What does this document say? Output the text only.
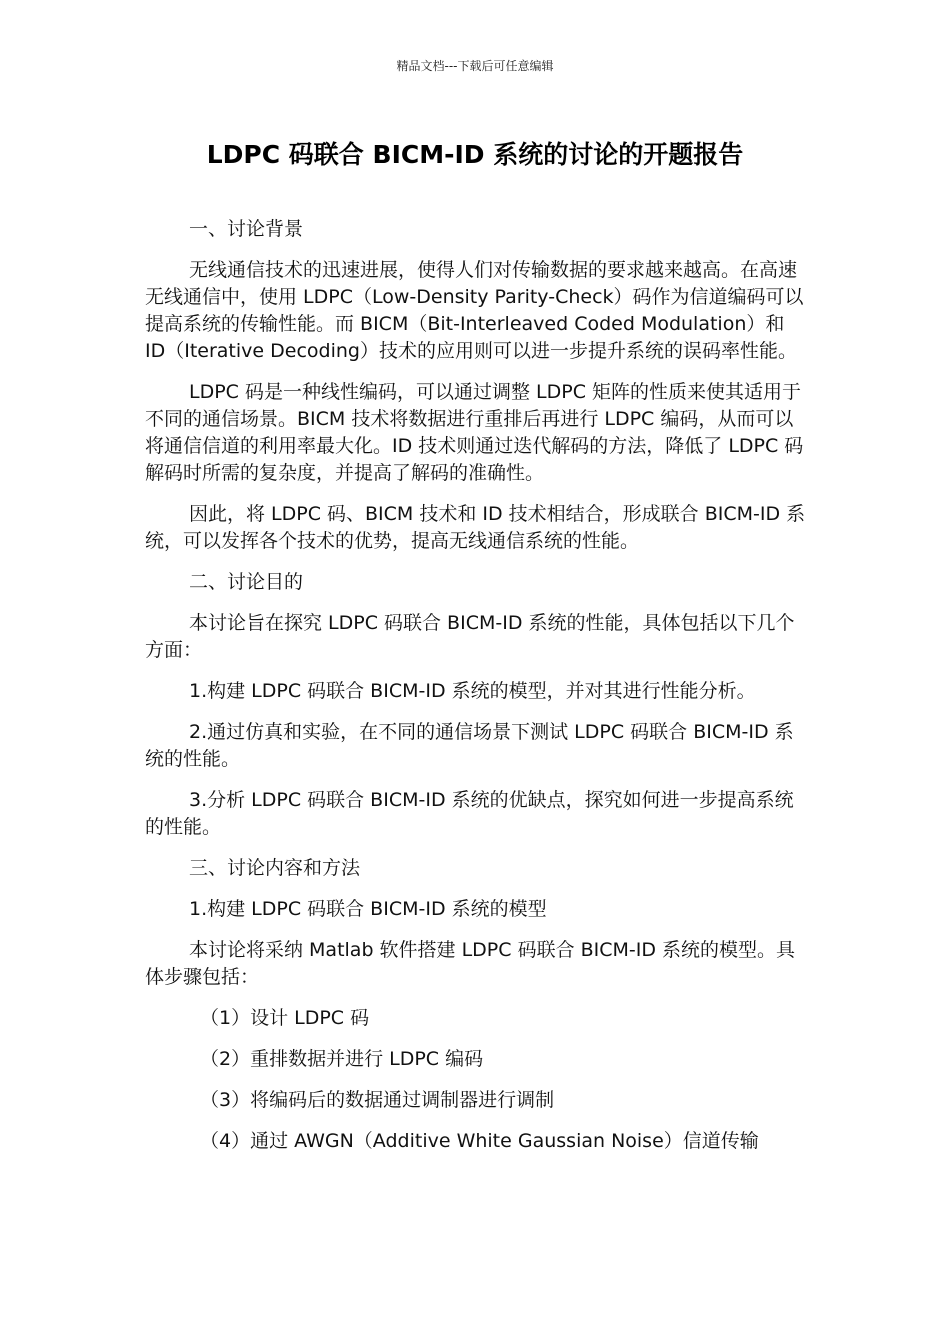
精品文档---下载后可任意编辑
LDPC 码联合 BICM-ID 系统的讨论的开题报告

一、讨论背景

无线通信技术的迅速进展，使得人们对传输数据的要求越来越高。在高速无线通信中，使用 LDPC（Low-Density Parity-Check）码作为信道编码可以提高系统的传输性能。而 BICM（Bit-Interleaved Coded Modulation）和 ID（Iterative Decoding）技术的应用则可以进一步提升系统的误码率性能。

LDPC 码是一种线性编码，可以通过调整 LDPC 矩阵的性质来使其适用于不同的通信场景。BICM 技术将数据进行重排后再进行 LDPC 编码，从而可以将通信信道的利用率最大化。ID 技术则通过迭代解码的方法，降低了 LDPC 码解码时所需的复杂度，并提高了解码的准确性。

因此，将 LDPC 码、BICM 技术和 ID 技术相结合，形成联合 BICM-ID 系统，可以发挥各个技术的优势，提高无线通信系统的性能。

二、讨论目的

本讨论旨在探究 LDPC 码联合 BICM-ID 系统的性能，具体包括以下几个方面：

1.构建 LDPC 码联合 BICM-ID 系统的模型，并对其进行性能分析。

2.通过仿真和实验，在不同的通信场景下测试 LDPC 码联合 BICM-ID 系统的性能。

3.分析 LDPC 码联合 BICM-ID 系统的优缺点，探究如何进一步提高系统的性能。

三、讨论内容和方法

1.构建 LDPC 码联合 BICM-ID 系统的模型

本讨论将采纳 Matlab 软件搭建 LDPC 码联合 BICM-ID 系统的模型。具体步骤包括：

（1）设计 LDPC 码

（2）重排数据并进行 LDPC 编码

（3）将编码后的数据通过调制器进行调制

（4）通过 AWGN（Additive White Gaussian Noise）信道传输
